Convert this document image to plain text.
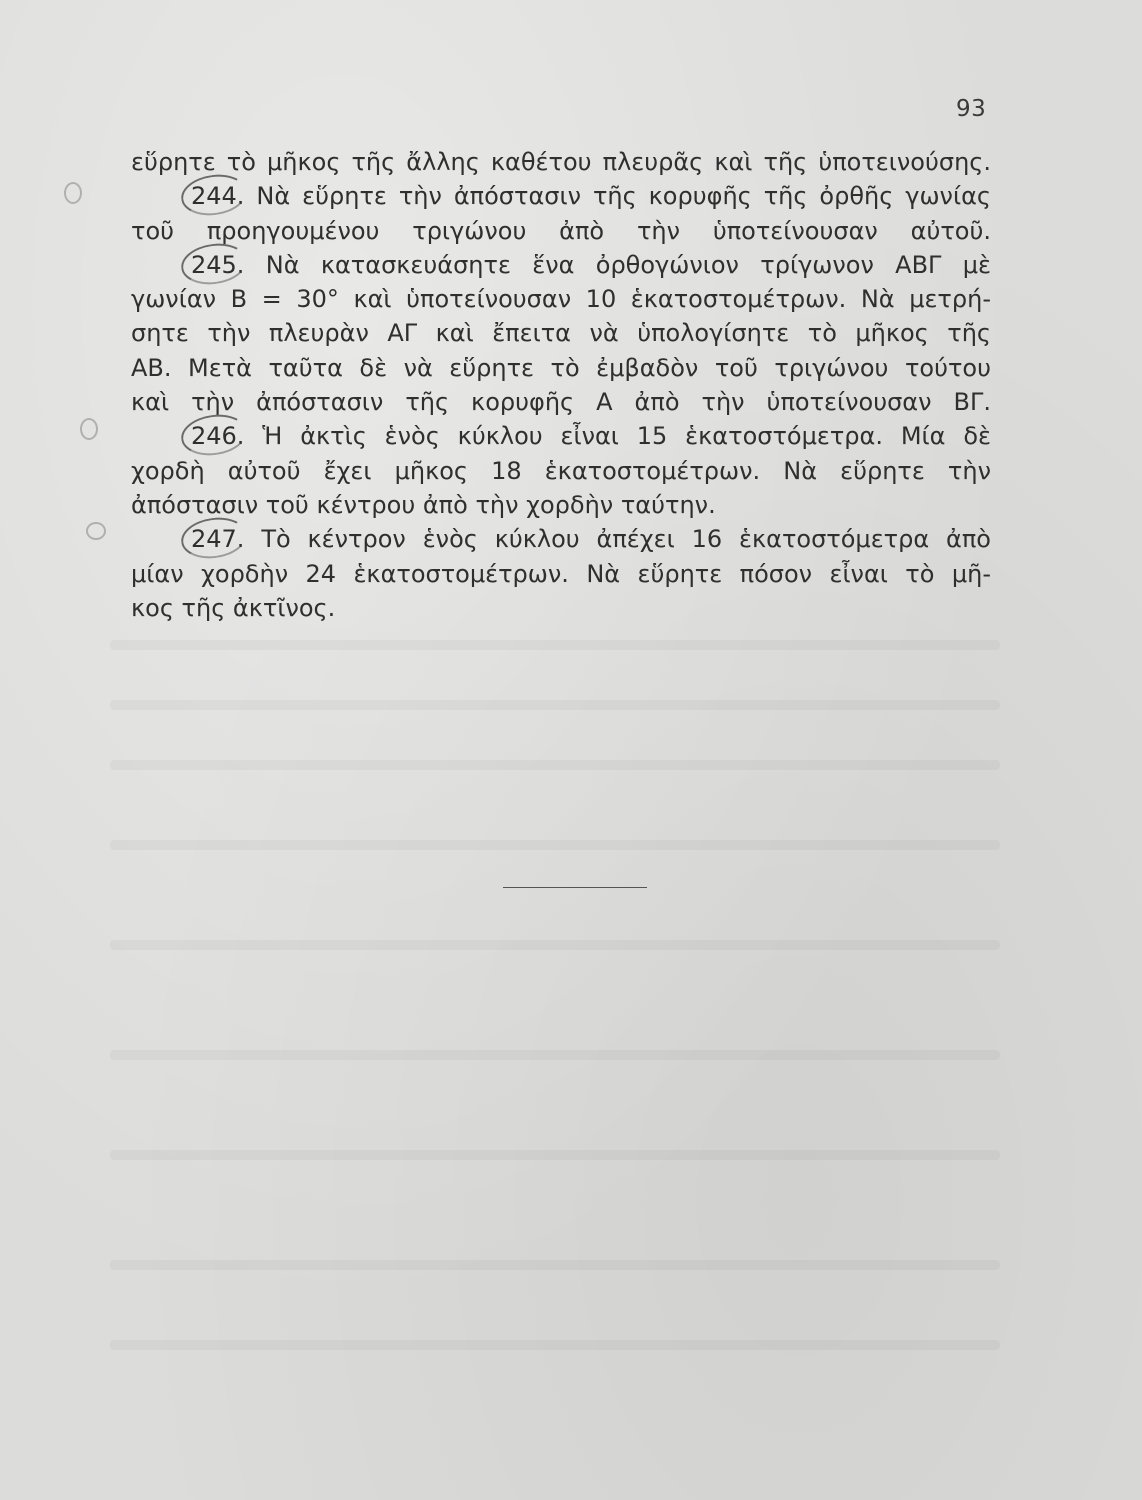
93
εὕρητε τὸ μῆκος τῆς ἄλλης καθέτου πλευρᾶς καὶ τῆς ὑποτεινούσης.
244. Νὰ εὕρητε τὴν ἀπόστασιν τῆς κορυφῆς τῆς ὀρθῆς γωνίας
τοῦ προηγουμένου τριγώνου ἀπὸ τὴν ὑποτείνουσαν αὐτοῦ.
245. Νὰ κατασκευάσητε ἕνα ὀρθογώνιον τρίγωνον ΑΒΓ μὲ
γωνίαν Β = 30° καὶ ὑποτείνουσαν 10 ἑκατοστομέτρων. Νὰ μετρή-
σητε τὴν πλευρὰν ΑΓ καὶ ἔπειτα νὰ ὑπολογίσητε τὸ μῆκος τῆς
ΑΒ. Μετὰ ταῦτα δὲ νὰ εὕρητε τὸ ἐμβαδὸν τοῦ τριγώνου τούτου
καὶ τὴν ἀπόστασιν τῆς κορυφῆς Α ἀπὸ τὴν ὑποτείνουσαν ΒΓ.
246. Ἡ ἀκτὶς ἑνὸς κύκλου εἶναι 15 ἑκατοστόμετρα. Μία δὲ
χορδὴ αὐτοῦ ἔχει μῆκος 18 ἑκατοστομέτρων. Νὰ εὕρητε τὴν
ἀπόστασιν τοῦ κέντρου ἀπὸ τὴν χορδὴν ταύτην.
247. Τὸ κέντρον ἑνὸς κύκλου ἀπέχει 16 ἑκατοστόμετρα ἀπὸ
μίαν χορδὴν 24 ἑκατοστομέτρων. Νὰ εὕρητε πόσον εἶναι τὸ μῆ-
κος τῆς ἀκτῖνος.
